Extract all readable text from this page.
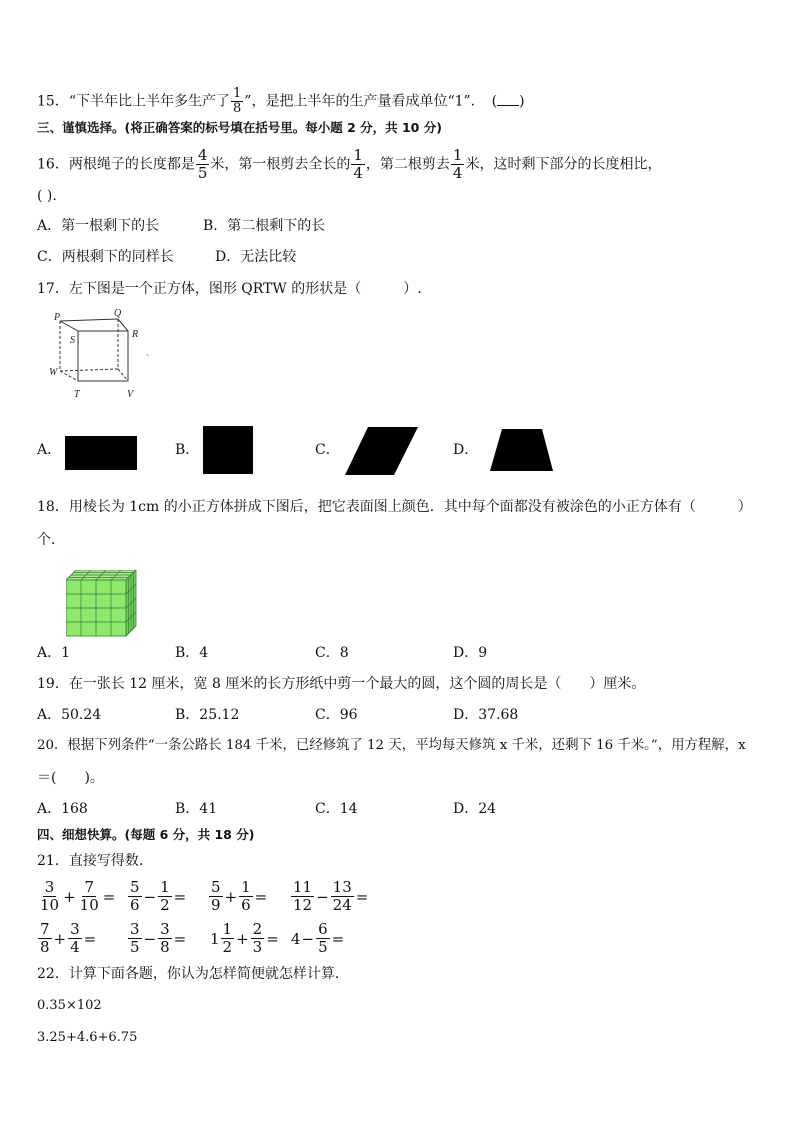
15．“下半年比上半年多生产了 $\frac{1}{8}$ ”，是把上半年的生产量看成单位“1”．　( )
三、谨慎选择。(将正确答案的标号填在括号里。每小题 2 分，共 10 分)
16．两根绳子的长度都是 $\frac{4}{5}$ 米，第一根剪去全长的 $\frac{1}{4}$ ，第二根剪去 $\frac{1}{4}$ 米，这时剩下部分的长度相比，
( ).
A．第一根剩下的长	B．第二根剩下的长
C．两根剩下的同样长	D．无法比较
17．左下图是一个正方体，图形 QRTW 的形状是（　　　）.
P	Q
R
S
W
T	V
、
A．	B．	C．	D．
18．用棱长为 1cm 的小正方体拼成下图后，把它表面图上颜色．其中每个面都没有被涂色的小正方体有（　　　）
个．
A．1	B．4	C．8	D．9
19．在一张长 12 厘米，宽 8 厘米的长方形纸中剪一个最大的圆，这个圆的周长是（　　）厘米。
A．50.24	B．25.12	C．96	D．37.68
20．根据下列条件“一条公路长 184 千米，已经修筑了 12 天，平均每天修筑 x 千米，还剩下 16 千米。”，用方程解，x
＝(　　)。
A．168	B．41	C．14	D．24
四、细想快算。(每题 6 分，共 18 分)
21．直接写得数．
$\frac{3}{10} + \frac{7}{10} = \frac{5}{6} - \frac{1}{2} = \frac{5}{9} + \frac{1}{6} = \frac{11}{12} - \frac{13}{24}$ =
$\frac{7}{8} + \frac{3}{4} = \frac{3}{5} - \frac{3}{8} = 1 \frac{1}{2} + \frac{2}{3} = 4 - \frac{6}{5}$ =
22．计算下面各题，你认为怎样简便就怎样计算．
0.35×102
3.25+4.6+6.75
